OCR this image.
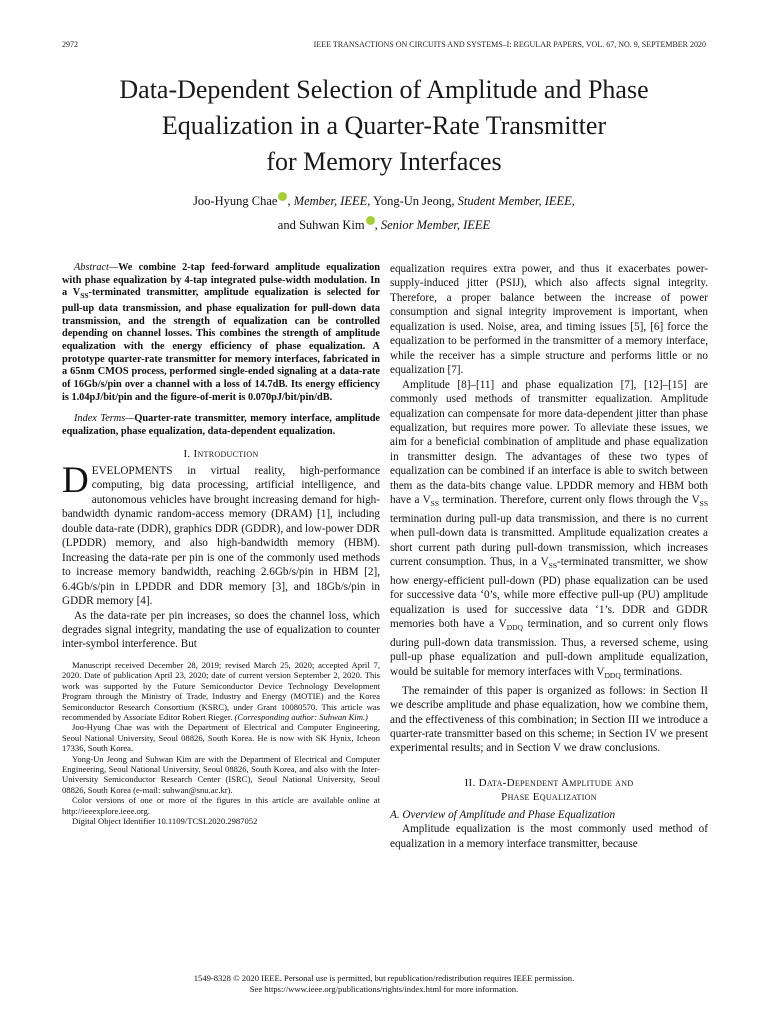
2972	IEEE TRANSACTIONS ON CIRCUITS AND SYSTEMS–I: REGULAR PAPERS, VOL. 67, NO. 9, SEPTEMBER 2020
Data-Dependent Selection of Amplitude and Phase
Equalization in a Quarter-Rate Transmitter
for Memory Interfaces
Joo-Hyung Chae , Member, IEEE, Yong-Un Jeong, Student Member, IEEE,
and Suhwan Kim , Senior Member, IEEE

Abstract—We combine 2-tap feed-forward amplitude equalization with phase equalization by 4-tap integrated pulse-width modulation. In a $V_{SS}$-terminated transmitter, amplitude equalization is selected for pull-up data transmission, and phase equalization for pull-down data transmission, and the strength of equalization can be controlled depending on channel losses. This combines the strength of amplitude equalization with the energy efficiency of phase equalization. A prototype quarter-rate transmitter for memory interfaces, fabricated in a 65nm CMOS process, performed single-ended signaling at a data-rate of 16Gb/s/pin over a channel with a loss of 14.7dB. Its energy efficiency is 1.04pJ/bit/pin and the figure-of-merit is 0.070pJ/bit/pin/dB.

Index Terms—Quarter-rate transmitter, memory interface, amplitude equalization, phase equalization, data-dependent equalization.

I. Introduction

DEVELOPMENTS in virtual reality, high-performance computing, big data processing, artificial intelligence, and autonomous vehicles have brought increasing demand for high-bandwidth dynamic random-access memory (DRAM) [1], including double data-rate (DDR), graphics DDR (GDDR), and low-power DDR (LPDDR) memory, and also high-bandwidth memory (HBM). Increasing the data-rate per pin is one of the commonly used methods to increase memory bandwidth, reaching 2.6Gb/s/pin in HBM [2], 6.4Gb/s/pin in LPDDR and DDR memory [3], and 18Gb/s/pin in GDDR memory [4].

As the data-rate per pin increases, so does the channel loss, which degrades signal integrity, mandating the use of equalization to counter inter-symbol interference. But

Manuscript received December 28, 2019; revised March 25, 2020; accepted April 7, 2020. Date of publication April 23, 2020; date of current version September 2, 2020. This work was supported by the Future Semiconductor Device Technology Development Program through the Ministry of Trade, Industry and Energy (MOTIE) and the Korea Semiconductor Research Consortium (KSRC), under Grant 10080570. This article was recommended by Associate Editor Robert Rieger. (Corresponding author: Suhwan Kim.)

Joo-Hyung Chae was with the Department of Electrical and Computer Engineering, Seoul National University, Seoul 08826, South Korea. He is now with SK Hynix, Icheon 17336, South Korea.

Yong-Un Jeong and Suhwan Kim are with the Department of Electrical and Computer Engineering, Seoul National University, Seoul 08826, South Korea, and also with the Inter-University Semiconductor Research Center (ISRC), Seoul National University, Seoul 08826, South Korea (e-mail: suhwan@snu.ac.kr).

Color versions of one or more of the figures in this article are available online at http://ieeexplore.ieee.org.

Digital Object Identifier 10.1109/TCSI.2020.2987052

equalization requires extra power, and thus it exacerbates power-supply-induced jitter (PSIJ), which also affects signal integrity. Therefore, a proper balance between the increase of power consumption and signal integrity improvement is important, when equalization is used. Noise, area, and timing issues [5], [6] force the equalization to be performed in the transmitter of a memory interface, while the receiver has a simple structure and performs little or no equalization [7].

Amplitude [8]–[11] and phase equalization [7], [12]–[15] are commonly used methods of transmitter equalization. Amplitude equalization can compensate for more data-dependent jitter than phase equalization, but requires more power. To alleviate these issues, we aim for a beneficial combination of amplitude and phase equalization in transmitter design. The advantages of these two types of equalization can be combined if an interface is able to switch between them as the data-bits change value. LPDDR memory and HBM both have a $V_{SS}$ termination. Therefore, current only flows through the $V_{SS}$ termination during pull-up data transmission, and there is no current when pull-down data is transmitted. Amplitude equalization creates a short current path during pull-down transmission, which increases current consumption. Thus, in a $V_{SS}$-terminated transmitter, we show how energy-efficient pull-down (PD) phase equalization can be used for successive data ‘0’s, while more effective pull-up (PU) amplitude equalization is used for successive data ‘1’s. DDR and GDDR memories both have a $V_{DDQ}$ termination, and so current only flows during pull-down data transmission. Thus, a reversed scheme, using pull-up phase equalization and pull-down amplitude equalization, would be suitable for memory interfaces with $V_{DDQ}$ terminations.

The remainder of this paper is organized as follows: in Section II we describe amplitude and phase equalization, how we combine them, and the effectiveness of this combination; in Section III we introduce a quarter-rate transmitter based on this scheme; in Section IV we present experimental results; and in Section V we draw conclusions.

II. Data-Dependent Amplitude and
Phase Equalization

A. Overview of Amplitude and Phase Equalization

Amplitude equalization is the most commonly used method of equalization in a memory interface transmitter, because

1549-8328 © 2020 IEEE. Personal use is permitted, but republication/redistribution requires IEEE permission.
See https://www.ieee.org/publications/rights/index.html for more information.
